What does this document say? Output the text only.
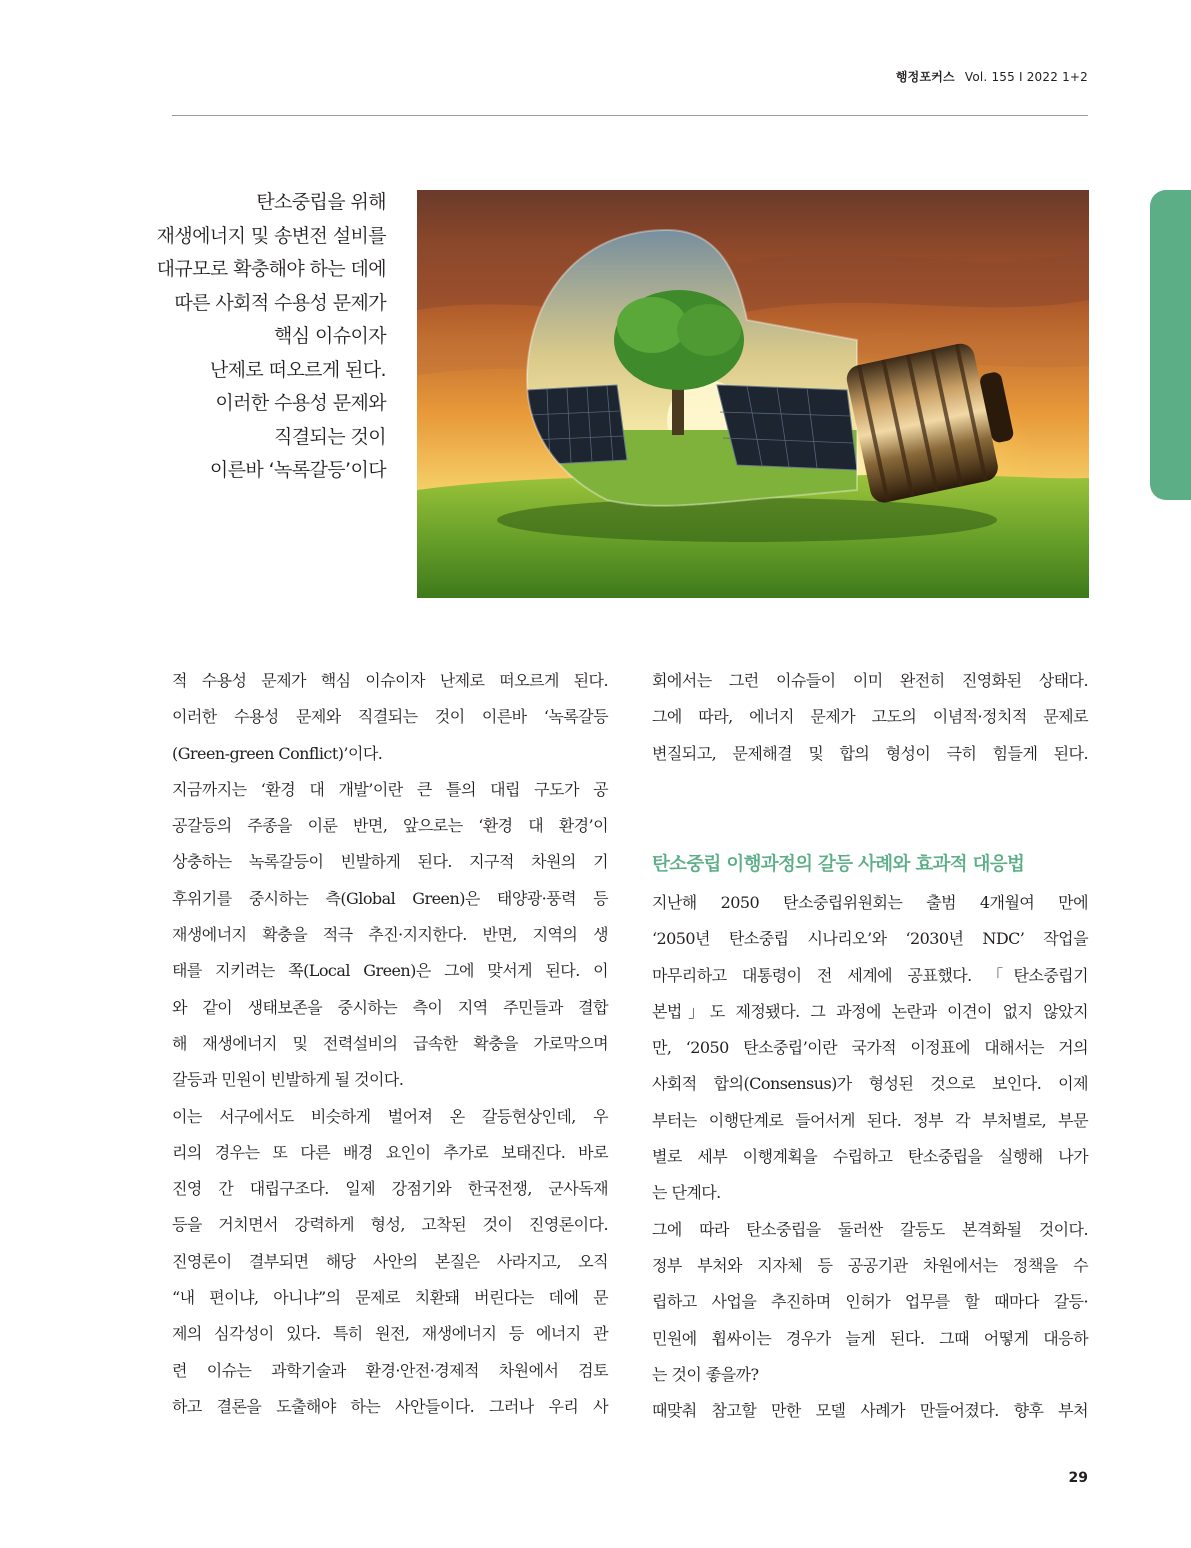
행정포커스 Vol. 155 I 2022 1+2
탄소중립을 위해
재생에너지 및 송변전 설비를
대규모로 확충해야 하는 데에
따른 사회적 수용성 문제가
핵심 이슈이자
난제로 떠오르게 된다.
이러한 수용성 문제와
직결되는 것이
이른바 ‘녹록갈등’이다

적 수용성 문제가 핵심 이슈이자 난제로 떠오르게 된다.

이러한 수용성 문제와 직결되는 것이 이른바 ‘녹록갈등

(Green-green Conflict)’이다.

지금까지는 ‘환경 대 개발’이란 큰 틀의 대립 구도가 공

공갈등의 주종을 이룬 반면, 앞으로는 ‘환경 대 환경’이

상충하는 녹록갈등이 빈발하게 된다. 지구적 차원의 기

후위기를 중시하는 측(Global Green)은 태양광·풍력 등

재생에너지 확충을 적극 추진·지지한다. 반면, 지역의 생

태를 지키려는 쪽(Local Green)은 그에 맞서게 된다. 이

와 같이 생태보존을 중시하는 측이 지역 주민들과 결합

해 재생에너지 및 전력설비의 급속한 확충을 가로막으며

갈등과 민원이 빈발하게 될 것이다.

이는 서구에서도 비슷하게 벌어져 온 갈등현상인데, 우

리의 경우는 또 다른 배경 요인이 추가로 보태진다. 바로

진영 간 대립구조다. 일제 강점기와 한국전쟁, 군사독재

등을 거치면서 강력하게 형성, 고착된 것이 진영론이다.

진영론이 결부되면 해당 사안의 본질은 사라지고, 오직

“내 편이냐, 아니냐”의 문제로 치환돼 버린다는 데에 문

제의 심각성이 있다. 특히 원전, 재생에너지 등 에너지 관

련 이슈는 과학기술과 환경·안전·경제적 차원에서 검토

하고 결론을 도출해야 하는 사안들이다. 그러나 우리 사

회에서는 그런 이슈들이 이미 완전히 진영화된 상태다.

그에 따라, 에너지 문제가 고도의 이념적·정치적 문제로

변질되고, 문제해결 및 합의 형성이 극히 힘들게 된다.

탄소중립 이행과정의 갈등 사례와 효과적 대응법

지난해 2050 탄소중립위원회는 출범 4개월여 만에

‘2050년 탄소중립 시나리오’와 ‘2030년 NDC’ 작업을

마무리하고 대통령이 전 세계에 공표했다. 「탄소중립기

본법」도 제정됐다. 그 과정에 논란과 이견이 없지 않았지

만, ‘2050 탄소중립’이란 국가적 이정표에 대해서는 거의

사회적 합의(Consensus)가 형성된 것으로 보인다. 이제

부터는 이행단계로 들어서게 된다. 정부 각 부처별로, 부문

별로 세부 이행계획을 수립하고 탄소중립을 실행해 나가

는 단계다.

그에 따라 탄소중립을 둘러싼 갈등도 본격화될 것이다.

정부 부처와 지자체 등 공공기관 차원에서는 정책을 수

립하고 사업을 추진하며 인허가 업무를 할 때마다 갈등·

민원에 휩싸이는 경우가 늘게 된다. 그때 어떻게 대응하

는 것이 좋을까?

때맞춰 참고할 만한 모델 사례가 만들어졌다. 향후 부처

29
